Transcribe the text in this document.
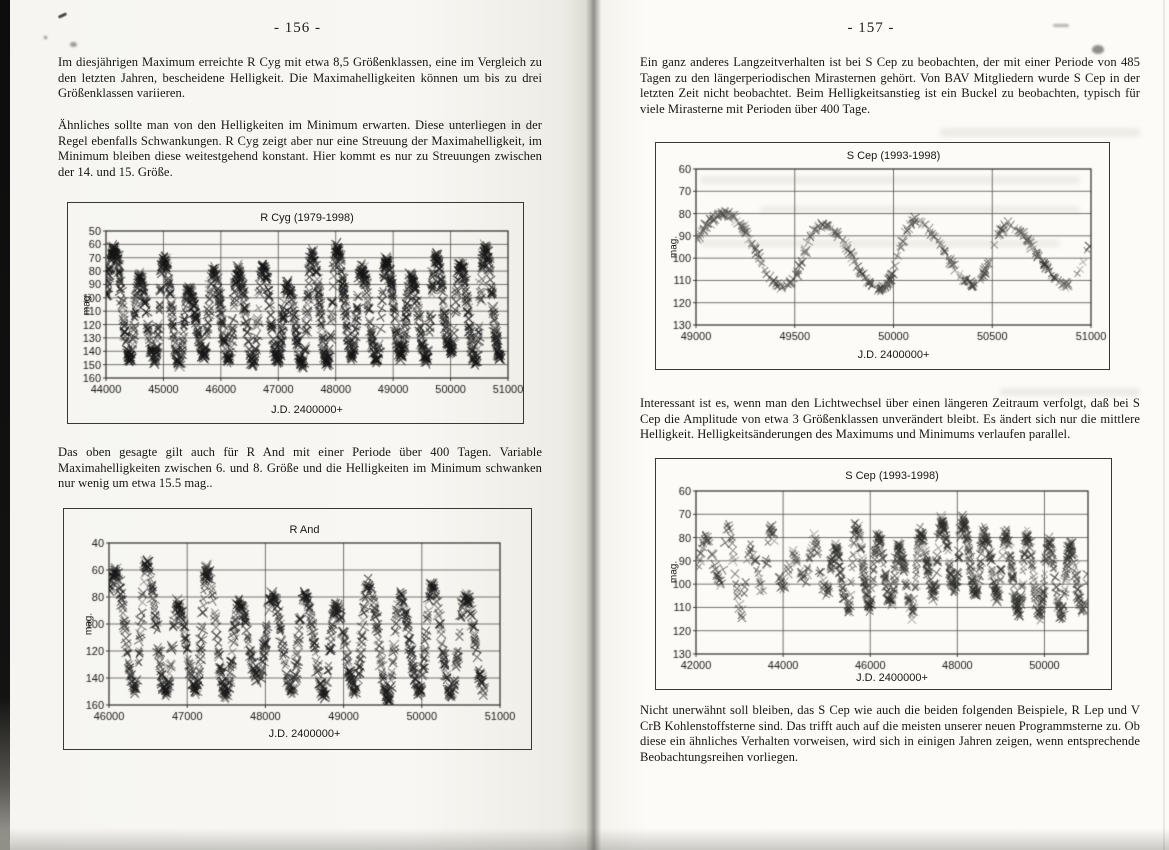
- 156 -

Im diesjährigen Maximum erreichte R Cyg mit etwa 8,5 Größenklassen, eine im Vergleich zu den letzten Jahren, bescheidene Helligkeit. Die Maximahelligkeiten können um bis zu drei Größenklassen variieren.

Ähnliches sollte man von den Helligkeiten im Minimum erwarten. Diese unterliegen in der Regel ebenfalls Schwankungen. R Cyg zeigt aber nur eine Streuung der Maximahelligkeit, im Minimum bleiben diese weitestgehend konstant. Hier kommt es nur zu Streuungen zwischen der 14. und 15. Größe.

R Cyg (1979-1998)
mag.
J.D. 2400000+

Das oben gesagte gilt auch für R And mit einer Periode über 400 Tagen. Variable Maximahelligkeiten zwischen 6. und 8. Größe und die Helligkeiten im Minimum schwanken nur wenig um etwa 15.5 mag..

R And
mag.
J.D. 2400000+
- 157 -

Ein ganz anderes Langzeitverhalten ist bei S Cep zu beobachten, der mit einer Periode von 485 Tagen zu den längerperiodischen Mirasternen gehört. Von BAV Mitgliedern wurde S Cep in der letzten Zeit nicht beobachtet. Beim Helligkeitsanstieg ist ein Buckel zu beobachten, typisch für viele Mirasterne mit Perioden über 400 Tage.

S Cep (1993-1998)
mag.
J.D. 2400000+

Interessant ist es, wenn man den Lichtwechsel über einen längeren Zeitraum verfolgt, daß bei S Cep die Amplitude von etwa 3 Größenklassen unverändert bleibt. Es ändert sich nur die mittlere Helligkeit. Helligkeitsänderungen des Maximums und Minimums verlaufen parallel.

S Cep (1993-1998)
mag.
J.D. 2400000+

Nicht unerwähnt soll bleiben, das S Cep wie auch die beiden folgenden Beispiele, R Lep und V CrB Kohlenstoffsterne sind. Das trifft auch auf die meisten unserer neuen Programmsterne zu. Ob diese ein ähnliches Verhalten vorweisen, wird sich in einigen Jahren zeigen, wenn entsprechende Beobachtungsreihen vorliegen.
